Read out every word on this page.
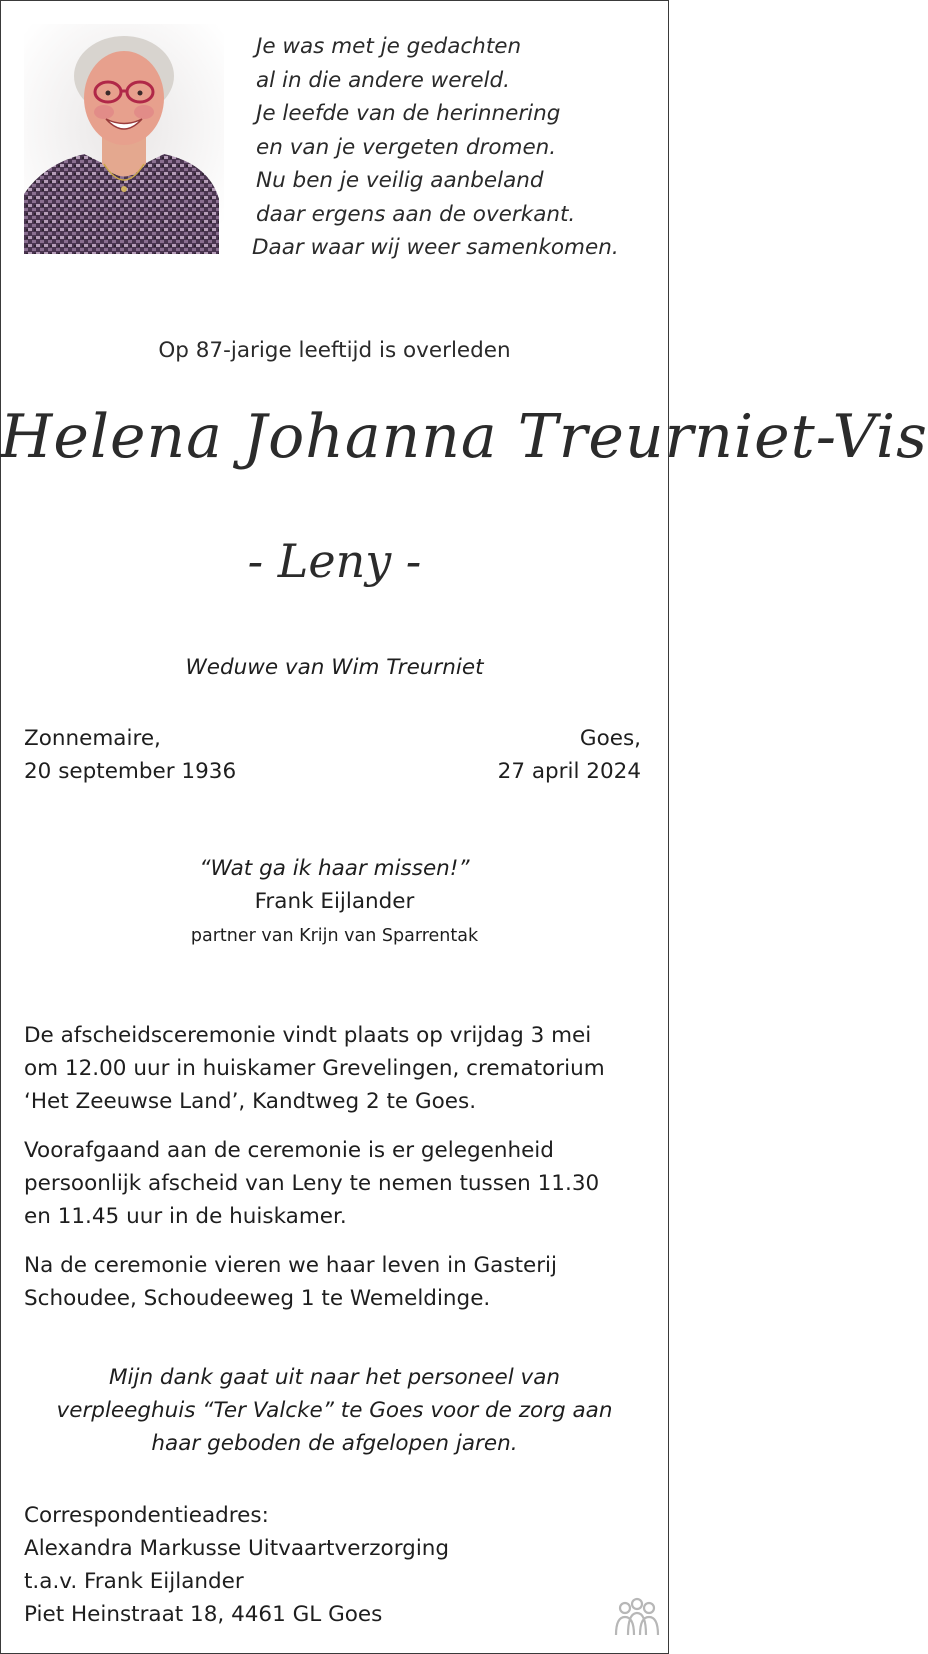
Je was met je gedachten
al in die andere wereld.
Je leefde van de herinnering
en van je vergeten dromen.
Nu ben je veilig aanbeland
daar ergens aan de overkant.
Daar waar wij weer samenkomen.
Op 87-jarige leeftijd is overleden
Helena Johanna Treurniet-Vis
- Leny -
Weduwe van Wim Treurniet
Zonnemaire,
20 september 1936
Goes,
27 april 2024
“Wat ga ik haar missen!”
Frank Eijlander
partner van Krijn van Sparrentak
De afscheidsceremonie vindt plaats op vrijdag 3 mei
om 12.00 uur in huiskamer Grevelingen, crematorium
‘Het Zeeuwse Land’, Kandtweg 2 te Goes.
Voorafgaand aan de ceremonie is er gelegenheid
persoonlijk afscheid van Leny te nemen tussen 11.30
en 11.45 uur in de huiskamer.
Na de ceremonie vieren we haar leven in Gasterij
Schoudee, Schoudeeweg 1 te Wemeldinge.
Mijn dank gaat uit naar het personeel van
verpleeghuis “Ter Valcke” te Goes voor de zorg aan
haar geboden de afgelopen jaren.
Correspondentieadres:
Alexandra Markusse Uitvaartverzorging
t.a.v. Frank Eijlander
Piet Heinstraat 18, 4461 GL Goes
